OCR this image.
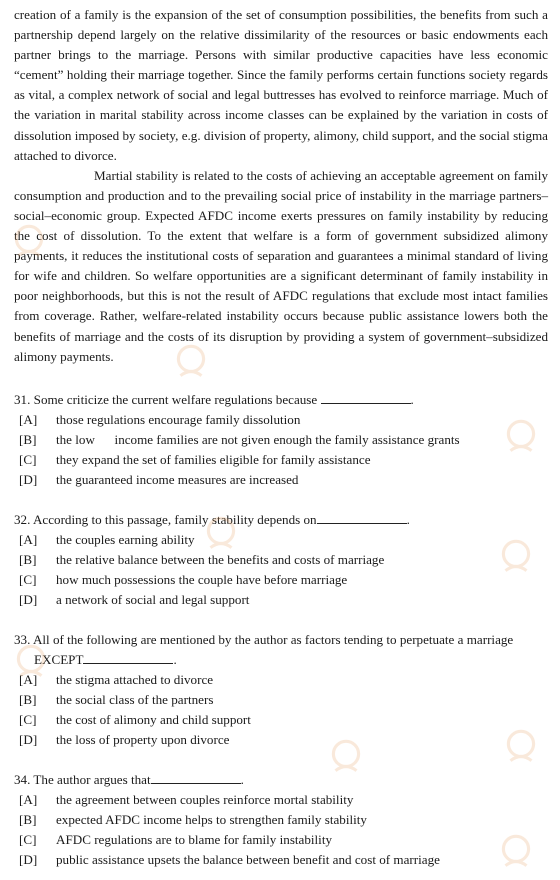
creation of a family is the expansion of the set of consumption possibilities, the benefits from such a partnership depend largely on the relative dissimilarity of the resources or basic endowments each partner brings to the marriage. Persons with similar productive capacities have less economic “cement” holding their marriage together. Since the family performs certain functions society regards as vital, a complex network of social and legal buttresses has evolved to reinforce marriage. Much of the variation in marital stability across income classes can be explained by the variation in costs of dissolution imposed by society, e.g. division of property, alimony, child support, and the social stigma attached to divorce.

Martial stability is related to the costs of achieving an acceptable agreement on family consumption and production and to the prevailing social price of instability in the marriage partners–social–economic group. Expected AFDC income exerts pressures on family instability by reducing the cost of dissolution. To the extent that welfare is a form of government subsidized alimony payments, it reduces the institutional costs of separation and guarantees a minimal standard of living for wife and children. So welfare opportunities are a significant determinant of family instability in poor neighborhoods, but this is not the result of AFDC regulations that exclude most intact families from coverage. Rather, welfare-related instability occurs because public assistance lowers both the benefits of marriage and the costs of its disruption by providing a system of government–subsidized alimony payments.

31. Some criticize the current welfare regulations because	.

[A]	those regulations encourage family dissolution
[B]	the low      income families are not given enough the family assistance grants
[C]	they expand the set of families eligible for family assistance
[D]	the guaranteed income measures are increased

32. According to this passage, family stability depends on	.

[A]	the couples earning ability
[B]	the relative balance between the benefits and costs of marriage
[C]	how much possessions the couple have before marriage
[D]	a network of social and legal support

33. All of the following are mentioned by the author as factors tending to perpetuate a marriage

EXCEPT	.

[A]	the stigma attached to divorce
[B]	the social class of the partners
[C]	the cost of alimony and child support
[D]	the loss of property upon divorce

34. The author argues that	.

[A]	the agreement between couples reinforce mortal stability
[B]	expected AFDC income helps to strengthen family stability
[C]	AFDC regulations are to blame for family instability
[D]	public assistance upsets the balance between benefit and cost of marriage
